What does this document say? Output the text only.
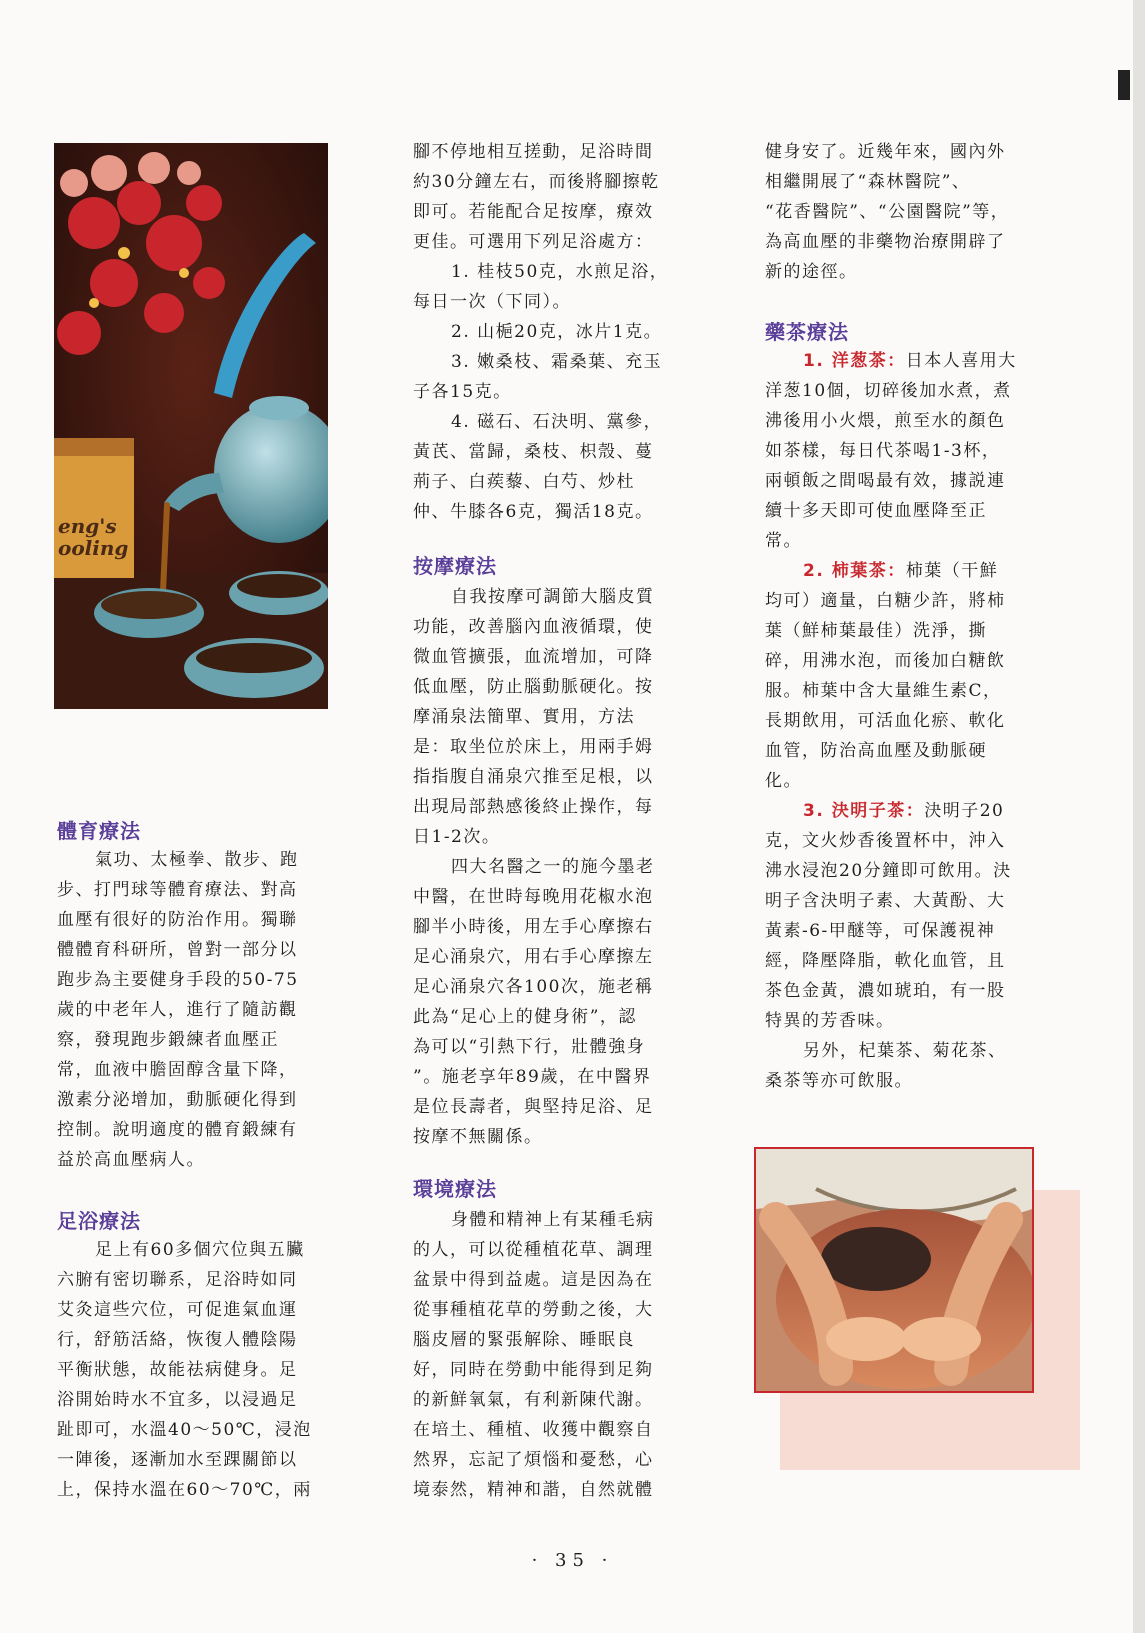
eng's
ooling
體育療法
氣功、太極拳、散步、跑
步、打門球等體育療法、對高
血壓有很好的防治作用。獨聯
體體育科研所，曾對一部分以
跑步為主要健身手段的50-75
歲的中老年人，進行了隨訪觀
察，發現跑步鍛練者血壓正
常，血液中膽固醇含量下降，
激素分泌增加，動脈硬化得到
控制。說明適度的體育鍛練有
益於高血壓病人。
足浴療法
足上有60多個穴位與五臟
六腑有密切聯系，足浴時如同
艾灸這些穴位，可促進氣血運
行，舒筋活絡，恢復人體陰陽
平衡狀態，故能祛病健身。足
浴開始時水不宜多，以浸過足
趾即可，水溫40～50℃，浸泡
一陣後，逐漸加水至踝關節以
上，保持水溫在60～70℃，兩
腳不停地相互搓動，足浴時間
約30分鐘左右，而後將腳擦乾
即可。若能配合足按摩，療效
更佳。可選用下列足浴處方：
1. 桂枝50克，水煎足浴，
每日一次（下同）。
2. 山梔20克，冰片1克。
3. 嫩桑枝、霜桑葉、充玉
子各15克。
4. 磁石、石決明、黨參，
黃芪、當歸，桑枝、枳殼、蔓
荊子、白蒺藜、白芍、炒杜
仲、牛膝各6克，獨活18克。
按摩療法
自我按摩可調節大腦皮質
功能，改善腦內血液循環，使
微血管擴張，血流增加，可降
低血壓，防止腦動脈硬化。按
摩涌泉法簡單、實用，方法
是：取坐位於床上，用兩手姆
指指腹自涌泉穴推至足根，以
出現局部熱感後終止操作，每
日1-2次。
四大名醫之一的施今墨老
中醫，在世時每晚用花椒水泡
腳半小時後，用左手心摩擦右
足心涌泉穴，用右手心摩擦左
足心涌泉穴各100次，施老稱
此為“足心上的健身術”，認
為可以“引熱下行，壯體強身
”。施老享年89歲，在中醫界
是位長壽者，與堅持足浴、足
按摩不無關係。
環境療法
身體和精神上有某種毛病
的人，可以從種植花草、調理
盆景中得到益處。這是因為在
從事種植花草的勞動之後，大
腦皮層的緊張解除、睡眠良
好，同時在勞動中能得到足夠
的新鮮氧氣，有利新陳代謝。
在培土、種植、收獲中觀察自
然界，忘記了煩惱和憂愁，心
境泰然，精神和諧，自然就體
健身安了。近幾年來，國內外
相繼開展了“森林醫院”、
“花香醫院”、“公園醫院”等，
為高血壓的非藥物治療開辟了
新的途徑。
藥茶療法
1. 洋葱茶：日本人喜用大
洋葱10個，切碎後加水煮，煮
沸後用小火煨，煎至水的顏色
如茶樣，每日代茶喝1-3杯，
兩頓飯之間喝最有效，據説連
續十多天即可使血壓降至正
常。
2. 柿葉茶：柿葉（干鮮
均可）適量，白糖少許，將柿
葉（鮮柿葉最佳）洗淨，撕
碎，用沸水泡，而後加白糖飲
服。柿葉中含大量維生素C，
長期飲用，可活血化瘀、軟化
血管，防治高血壓及動脈硬
化。
3. 決明子茶：決明子20
克，文火炒香後置杯中，沖入
沸水浸泡20分鐘即可飲用。決
明子含決明子素、大黃酚、大
黃素-6-甲醚等，可保護視神
經，降壓降脂，軟化血管，且
茶色金黃，濃如琥珀，有一股
特異的芳香味。
另外，杞葉茶、菊花茶、
桑茶等亦可飲服。
· 35 ·
